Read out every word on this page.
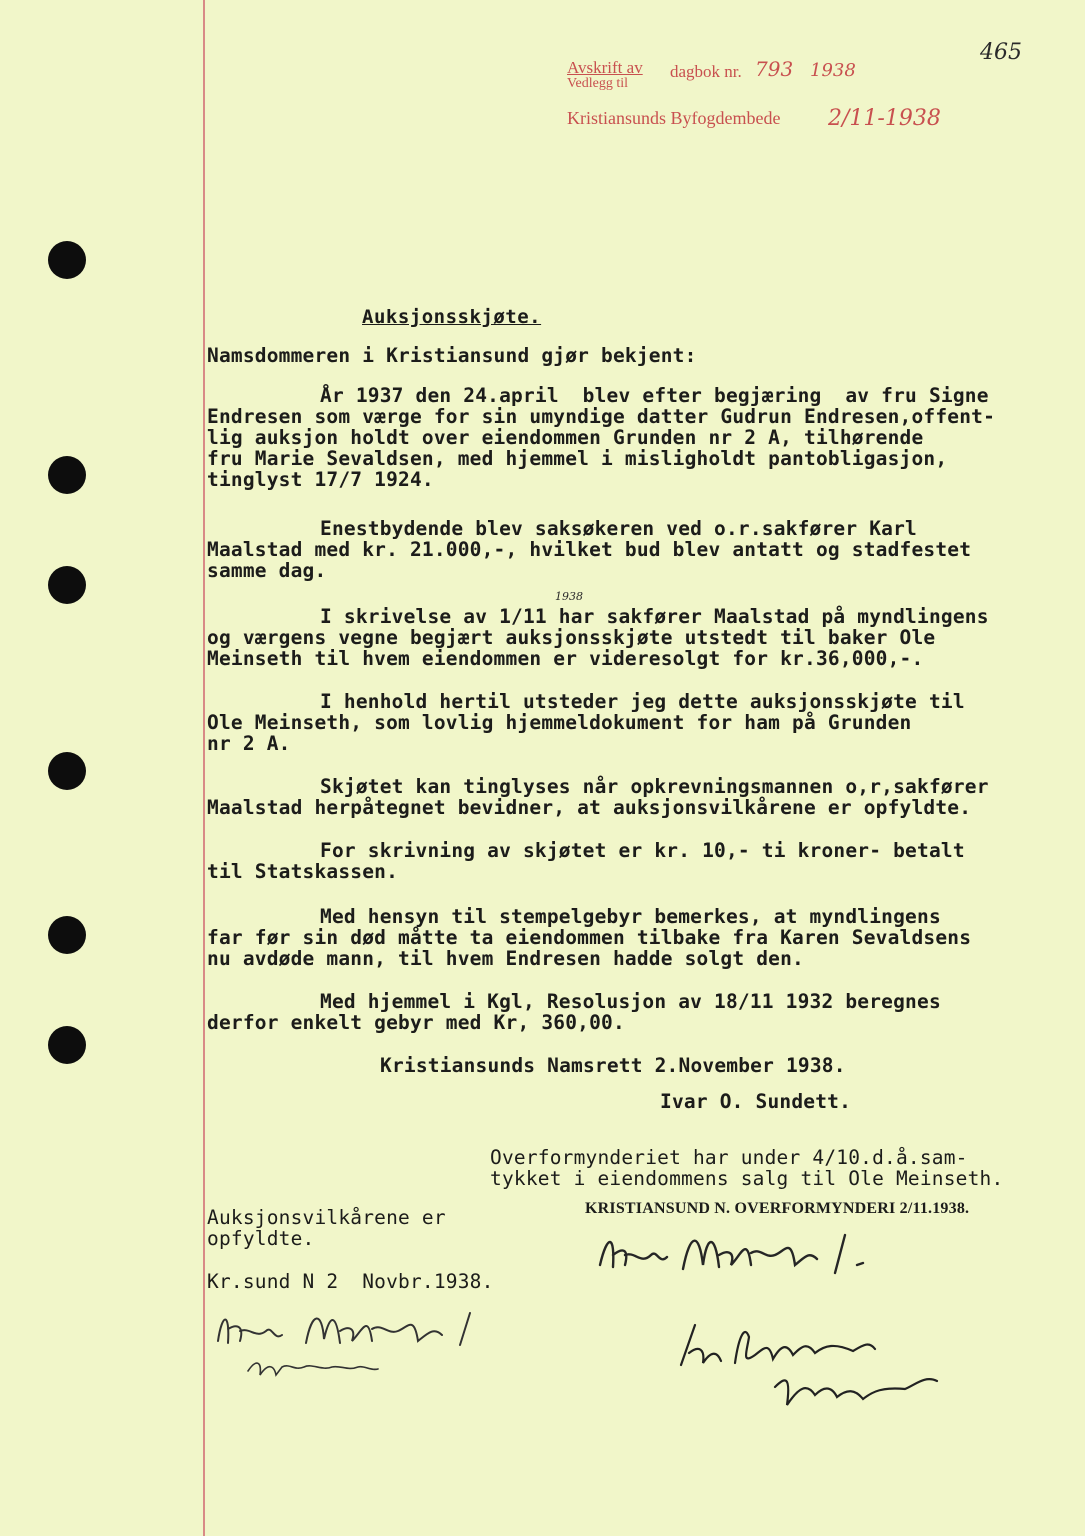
465
Avskrift av
Vedlegg til
dagbok nr. 793 1938
Kristiansunds Byfogdembede 2/11-1938
Auksjonsskjøte.
Namsdommeren i Kristiansund gjør bekjent:
År 1937 den 24.april  blev efter begjæring  av fru Signe
Endresen som værge for sin umyndige datter Gudrun Endresen,offent-
lig auksjon holdt over eiendommen Grunden nr 2 A, tilhørende
fru Marie Sevaldsen, med hjemmel i misligholdt pantobligasjon,
tinglyst 17/7 1924.
Enestbydende blev saksøkeren ved o.r.sakfører Karl
Maalstad med kr. 21.000,-, hvilket bud blev antatt og stadfestet
samme dag.
1938
I skrivelse av 1/11 har sakfører Maalstad på myndlingens
og værgens vegne begjært auksjonsskjøte utstedt til baker Ole
Meinseth til hvem eiendommen er videresolgt for kr.36,000,-.
I henhold hertil utsteder jeg dette auksjonsskjøte til
Ole Meinseth, som lovlig hjemmeldokument for ham på Grunden
nr 2 A.
Skjøtet kan tinglyses når opkrevningsmannen o,r,sakfører
Maalstad herpåtegnet bevidner, at auksjonsvilkårene er opfyldte.
For skrivning av skjøtet er kr. 10,- ti kroner- betalt
til Statskassen.
Med hensyn til stempelgebyr bemerkes, at myndlingens
far før sin død måtte ta eiendommen tilbake fra Karen Sevaldsens
nu avdøde mann, til hvem Endresen hadde solgt den.
Med hjemmel i Kgl, Resolusjon av 18/11 1932 beregnes
derfor enkelt gebyr med Kr, 360,00.
Kristiansunds Namsrett 2.November 1938.
Ivar O. Sundett.
Overformynderiet har under 4/10.d.å.sam-
tykket i eiendommens salg til Ole Meinseth.
KRISTIANSUND N. OVERFORMYNDERI 2/11.1938.
Auksjonsvilkårene er
opfyldte.
Kr.sund N 2  Novbr.1938.
